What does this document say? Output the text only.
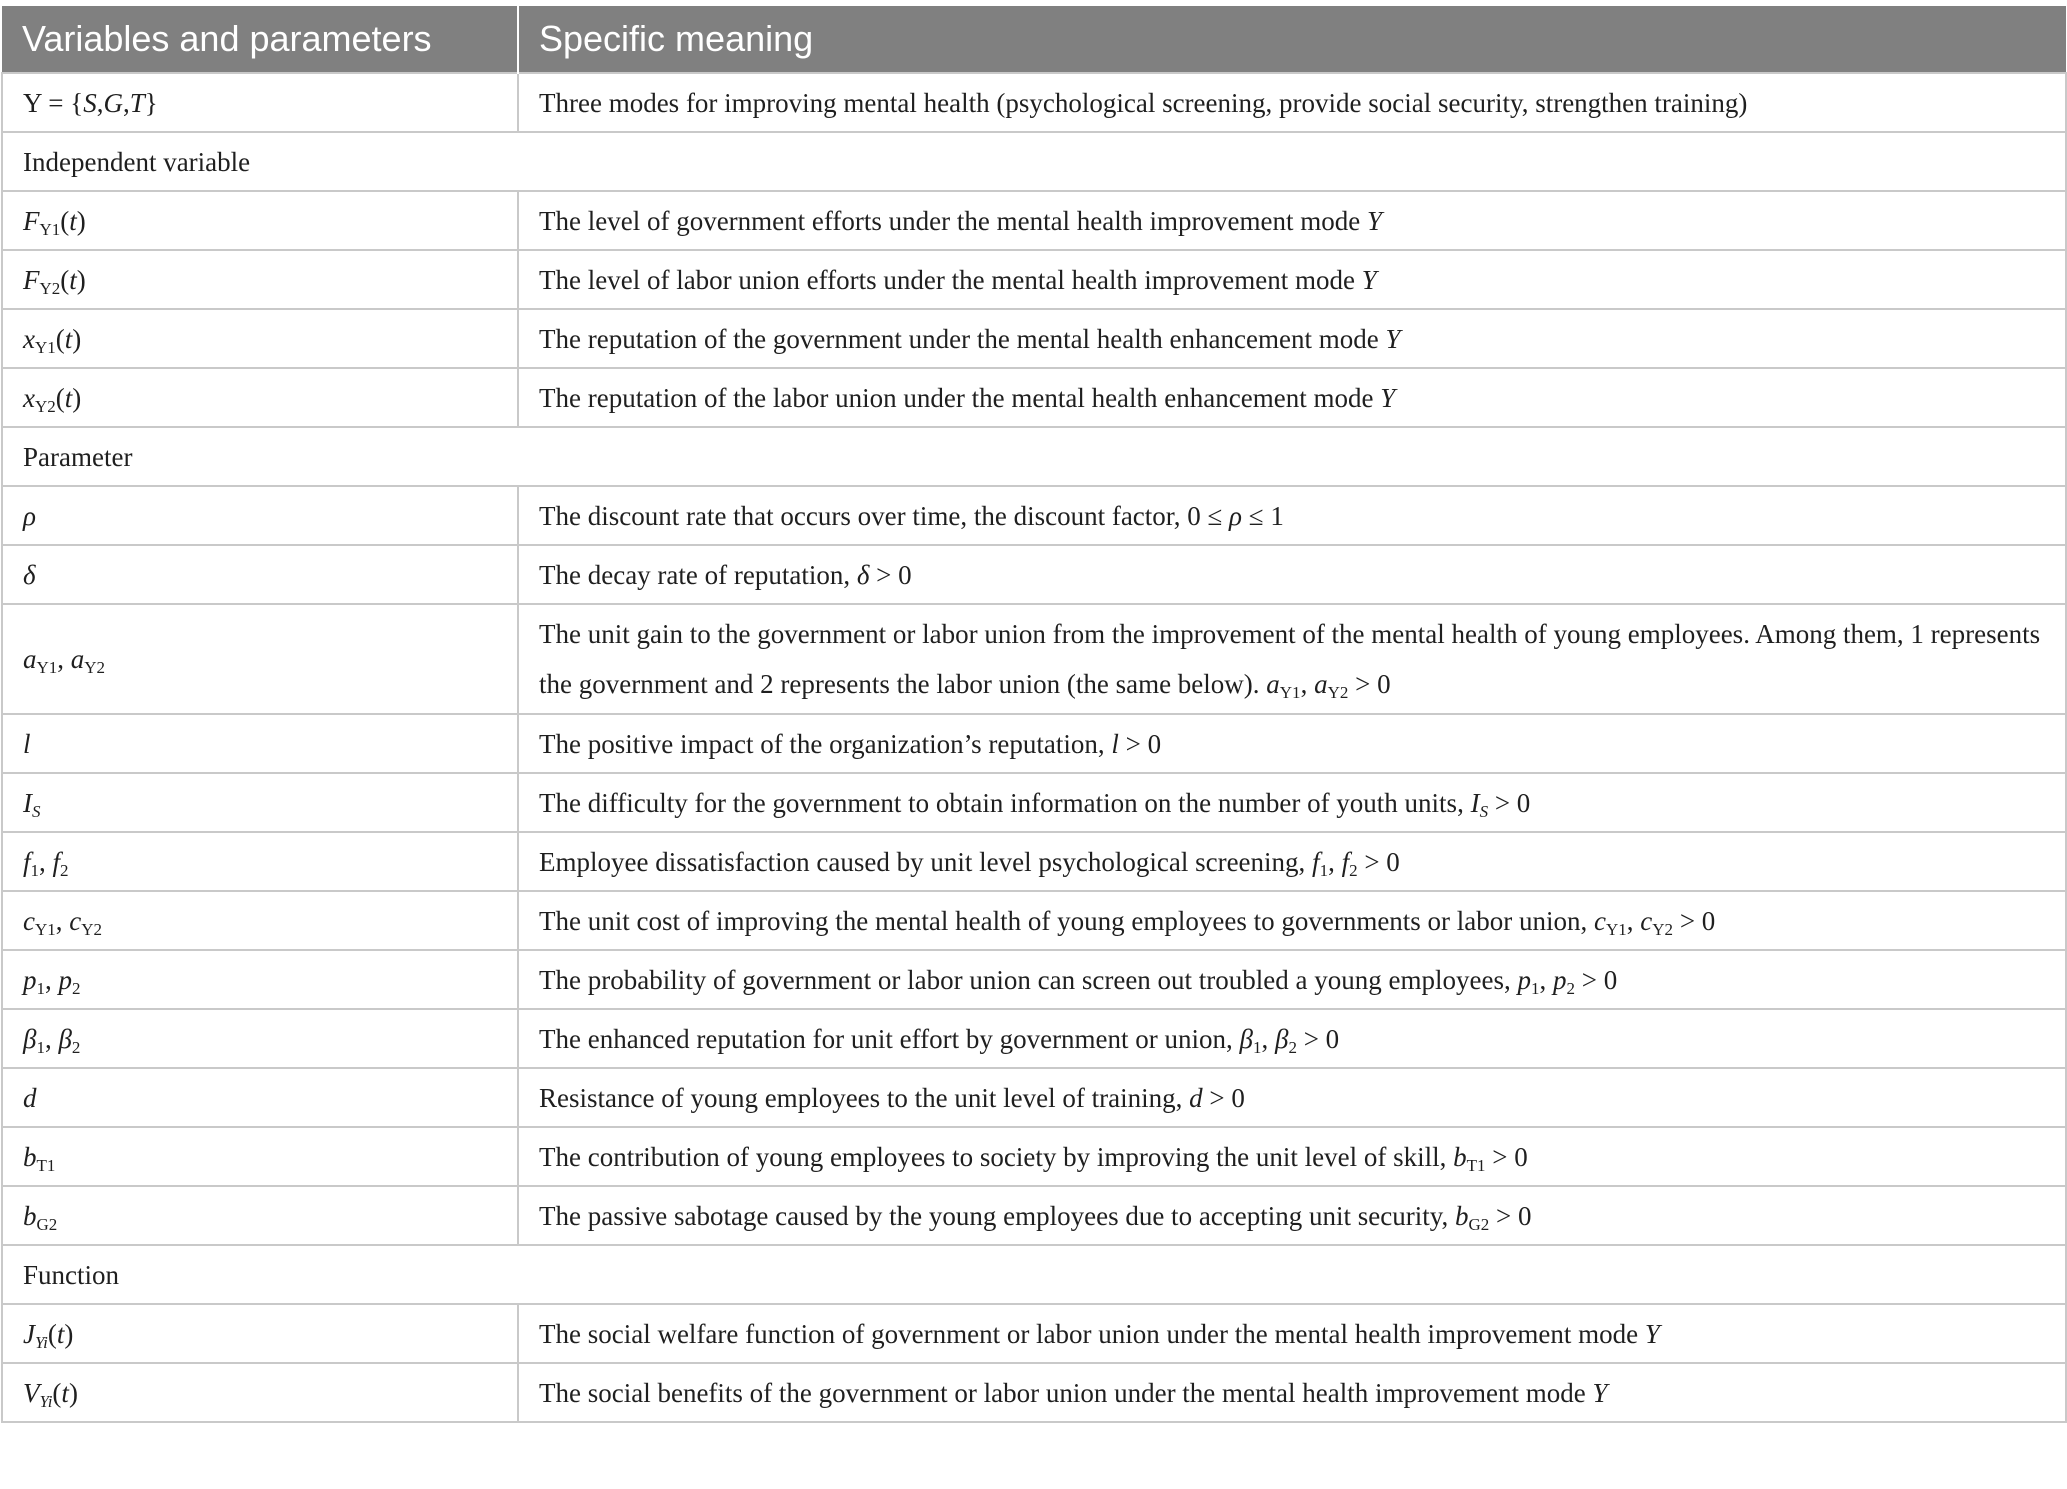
Variables and parameters	Specific meaning
Y = {S,G,T}	Three modes for improving mental health (psychological screening, provide social security, strengthen training)
Independent variable	
$F_{Y1}(t)$	The level of government efforts under the mental health improvement mode Y
$F_{Y2}(t)$	The level of labor union efforts under the mental health improvement mode Y
$x_{Y1}(t)$	The reputation of the government under the mental health enhancement mode Y
$x_{Y2}(t)$	The reputation of the labor union under the mental health enhancement mode Y
Parameter	
ρ	The discount rate that occurs over time, the discount factor, 0 ≤ ρ ≤ 1
δ	The decay rate of reputation, δ > 0
$a_{Y1}$, $a_{Y2}$	The unit gain to the government or labor union from the improvement of the mental health of young employees. Among them, 1 represents the government and 2 represents the labor union (the same below). $a_{Y1}$, $a_{Y2} > 0$
l	The positive impact of the organization’s reputation, l > 0
$I_S$	The difficulty for the government to obtain information on the number of youth units, $I_S > 0$
$f_1$, $f_2$	Employee dissatisfaction caused by unit level psychological screening, $f_1$, $f_2 > 0$
$c_{Y1}$, $c_{Y2}$	The unit cost of improving the mental health of young employees to governments or labor union, $c_{Y1}$, $c_{Y2} > 0$
$p_1$, $p_2$	The probability of government or labor union can screen out troubled a young employees, $p_1$, $p_2 > 0$
$\beta_1$, $\beta_2$	The enhanced reputation for unit effort by government or union, $\beta_1$, $\beta_2 > 0$
d	Resistance of young employees to the unit level of training, d > 0
$b_{T1}$	The contribution of young employees to society by improving the unit level of skill, $b_{T1} > 0$
$b_{G2}$	The passive sabotage caused by the young employees due to accepting unit security, $b_{G2} > 0$
Function	
$J_{Yi}(t)$	The social welfare function of government or labor union under the mental health improvement mode Y
$V_{Yi}(t)$	The social benefits of the government or labor union under the mental health improvement mode Y
